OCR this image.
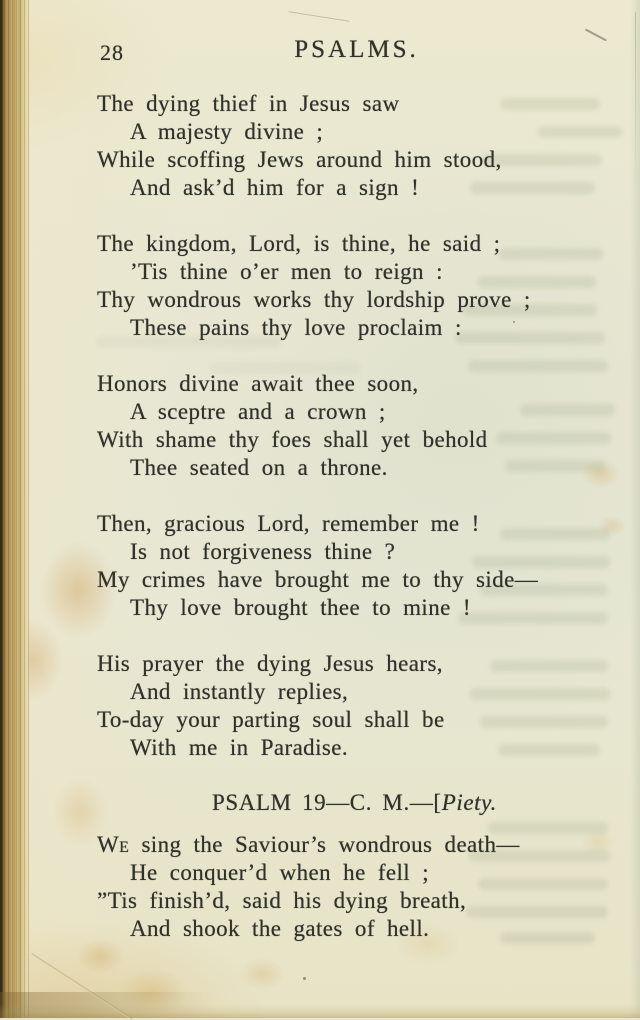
28	PSALMS.
The dying thief in Jesus saw
A majesty divine ;
While scoffing Jews around him stood,
And ask’d him for a sign !
The kingdom, Lord, is thine, he said ;
’Tis thine o’er men to reign :
Thy wondrous works thy lordship prove ;
These pains thy love proclaim :
Honors divine await thee soon,
A sceptre and a crown ;
With shame thy foes shall yet behold
Thee seated on a throne.
Then, gracious Lord, remember me !
Is not forgiveness thine ?
My crimes have brought me to thy side—
Thy love brought thee to mine !
His prayer the dying Jesus hears,
And instantly replies,
To-day your parting soul shall be
With me in Paradise.
PSALM 19—C. M.—[Piety.
We sing the Saviour’s wondrous death—
He conquer’d when he fell ;
”Tis finish’d, said his dying breath,
And shook the gates of hell.
